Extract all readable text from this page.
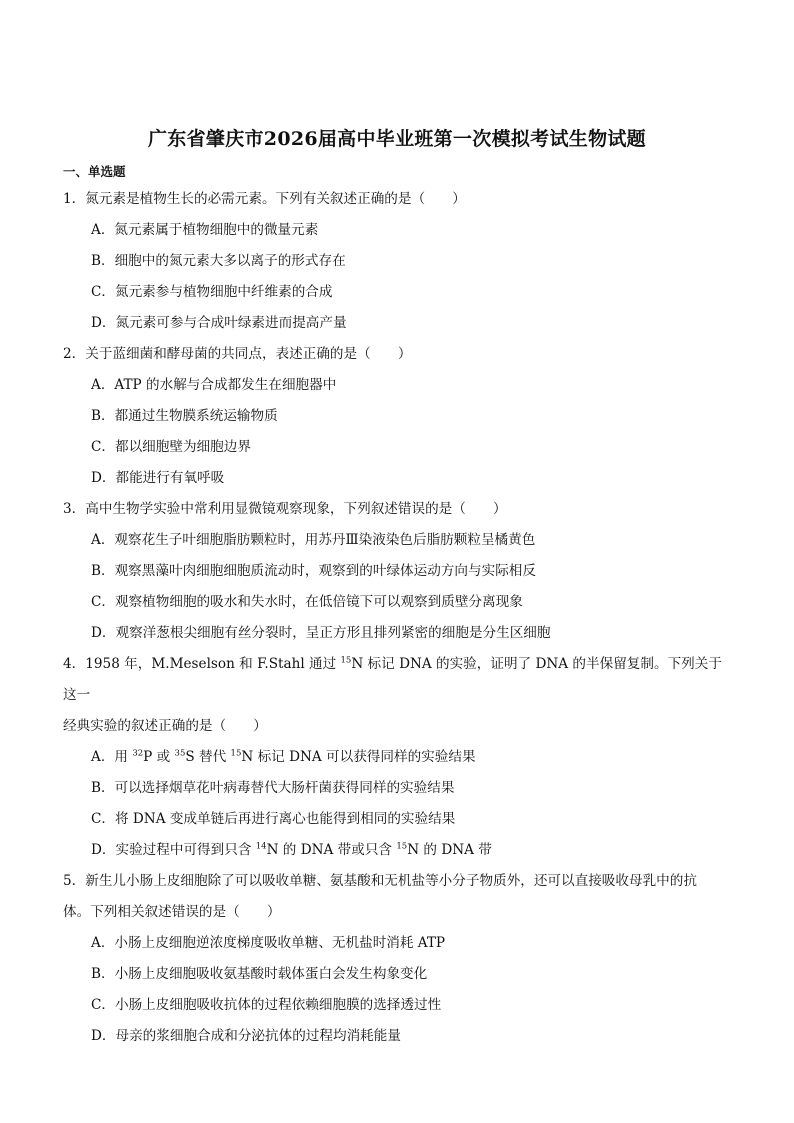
广东省肇庆市2026届高中毕业班第一次模拟考试生物试题
一、单选题

1．氮元素是植物生长的必需元素。下列有关叙述正确的是（　　）

A．氮元素属于植物细胞中的微量元素

B．细胞中的氮元素大多以离子的形式存在

C．氮元素参与植物细胞中纤维素的合成

D．氮元素可参与合成叶绿素进而提高产量

2．关于蓝细菌和酵母菌的共同点，表述正确的是（　　）

A．ATP 的水解与合成都发生在细胞器中

B．都通过生物膜系统运输物质

C．都以细胞壁为细胞边界

D．都能进行有氧呼吸

3．高中生物学实验中常利用显微镜观察现象，下列叙述错误的是（　　）

A．观察花生子叶细胞脂肪颗粒时，用苏丹Ⅲ染液染色后脂肪颗粒呈橘黄色

B．观察黑藻叶肉细胞细胞质流动时，观察到的叶绿体运动方向与实际相反

C．观察植物细胞的吸水和失水时，在低倍镜下可以观察到质壁分离现象

D．观察洋葱根尖细胞有丝分裂时，呈正方形且排列紧密的细胞是分生区细胞

4．1958 年，M.Meselson 和 F.Stahl 通过 $^{15}$N 标记 DNA 的实验，证明了 DNA 的半保留复制。下列关于这一

经典实验的叙述正确的是（　　）

A．用 $^{32}$P 或 $^{35}$S 替代 $^{15}$N 标记 DNA 可以获得同样的实验结果

B．可以选择烟草花叶病毒替代大肠杆菌获得同样的实验结果

C．将 DNA 变成单链后再进行离心也能得到相同的实验结果

D．实验过程中可得到只含 $^{14}$N 的 DNA 带或只含 $^{15}$N 的 DNA 带

5．新生儿小肠上皮细胞除了可以吸收单糖、氨基酸和无机盐等小分子物质外，还可以直接吸收母乳中的抗

体。下列相关叙述错误的是（　　）

A．小肠上皮细胞逆浓度梯度吸收单糖、无机盐时消耗 ATP

B．小肠上皮细胞吸收氨基酸时载体蛋白会发生构象变化

C．小肠上皮细胞吸收抗体的过程依赖细胞膜的选择透过性

D．母亲的浆细胞合成和分泌抗体的过程均消耗能量
